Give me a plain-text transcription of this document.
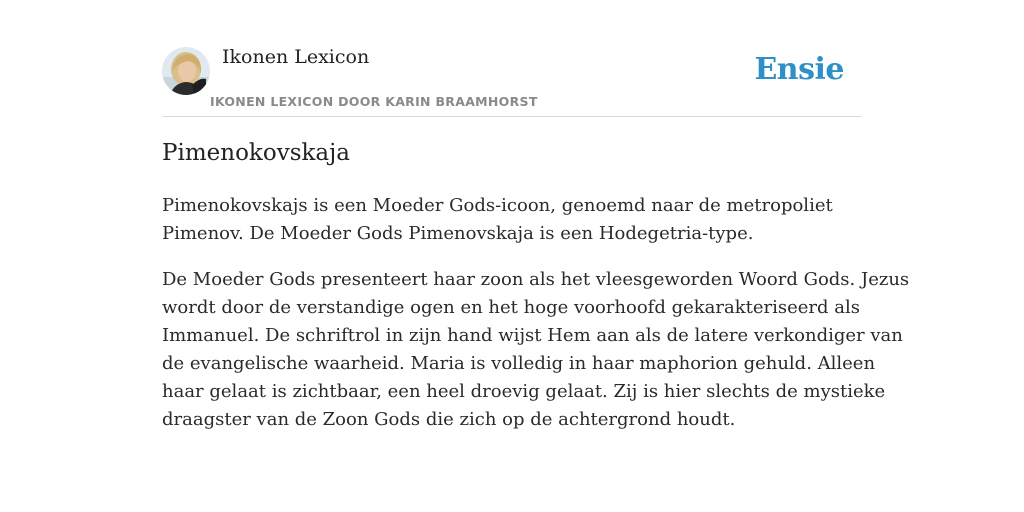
Ikonen Lexicon
IKONEN LEXICON DOOR KARIN BRAAMHORST
Ensie
Pimenokovskaja

Pimenokovskajs is een Moeder Gods-icoon, genoemd naar de metropoliet
Pimenov. De Moeder Gods Pimenovskaja is een Hodegetria-type.

De Moeder Gods presenteert haar zoon als het vleesgeworden Woord Gods. Jezus
wordt door de verstandige ogen en het hoge voorhoofd gekarakteriseerd als
Immanuel. De schriftrol in zijn hand wijst Hem aan als de latere verkondiger van
de evangelische waarheid. Maria is volledig in haar maphorion gehuld. Alleen
haar gelaat is zichtbaar, een heel droevig gelaat. Zij is hier slechts de mystieke
draagster van de Zoon Gods die zich op de achtergrond houdt.
